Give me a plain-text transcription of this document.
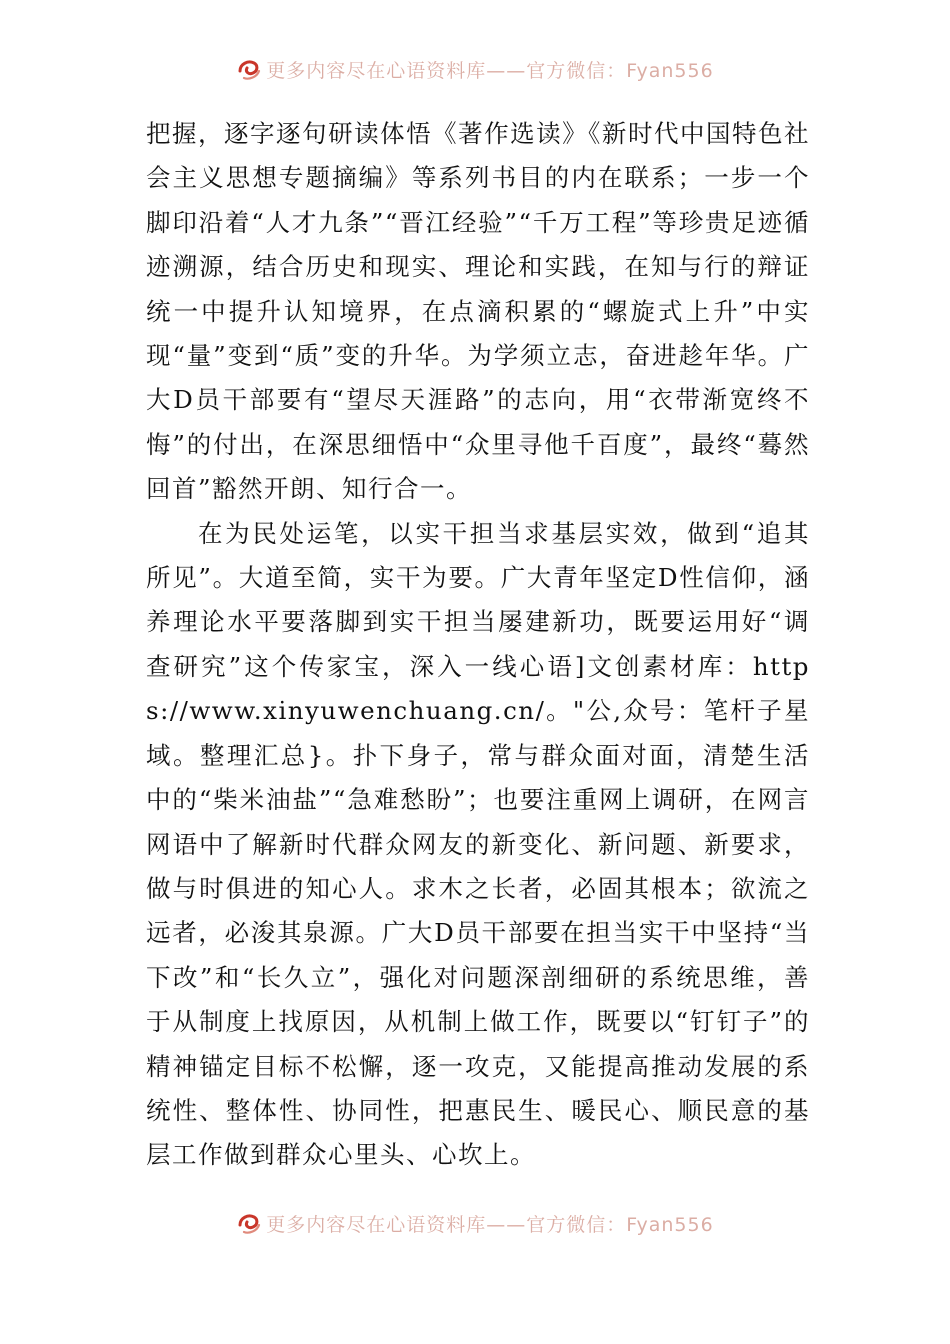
更多内容尽在心语资料库——官方微信：Fyan556

把握，逐字逐句研读体悟《著作选读》《新时代中国特色社会主义思想专题摘编》等系列书目的内在联系；一步一个脚印沿着“人才九条”“晋江经验”“千万工程”等珍贵足迹循迹溯源，结合历史和现实、理论和实践，在知与行的辩证统一中提升认知境界，在点滴积累的“螺旋式上升”中实现“量”变到“质”变的升华。为学须立志，奋进趁年华。广大D员干部要有“望尽天涯路”的志向，用“衣带渐宽终不悔”的付出，在深思细悟中“众里寻他千百度”，最终“蓦然回首”豁然开朗、知行合一。

在为民处运笔，以实干担当求基层实效，做到“追其所见”。大道至简，实干为要。广大青年坚定D性信仰，涵养理论水平要落脚到实干担当屡建新功，既要运用好“调查研究”这个传家宝，深入一线心语]文创素材库：https://www.xinyuwenchuang.cn/。"公,众号：笔杆子星域。整理汇总}。扑下身子，常与群众面对面，清楚生活中的“柴米油盐”“急难愁盼”；也要注重网上调研，在网言网语中了解新时代群众网友的新变化、新问题、新要求，做与时俱进的知心人。求木之长者，必固其根本；欲流之远者，必浚其泉源。广大D员干部要在担当实干中坚持“当下改”和“长久立”，强化对问题深剖细研的系统思维，善于从制度上找原因，从机制上做工作，既要以“钉钉子”的精神锚定目标不松懈，逐一攻克，又能提高推动发展的系统性、整体性、协同性，把惠民生、暖民心、顺民意的基层工作做到群众心里头、心坎上。

更多内容尽在心语资料库——官方微信：Fyan556
